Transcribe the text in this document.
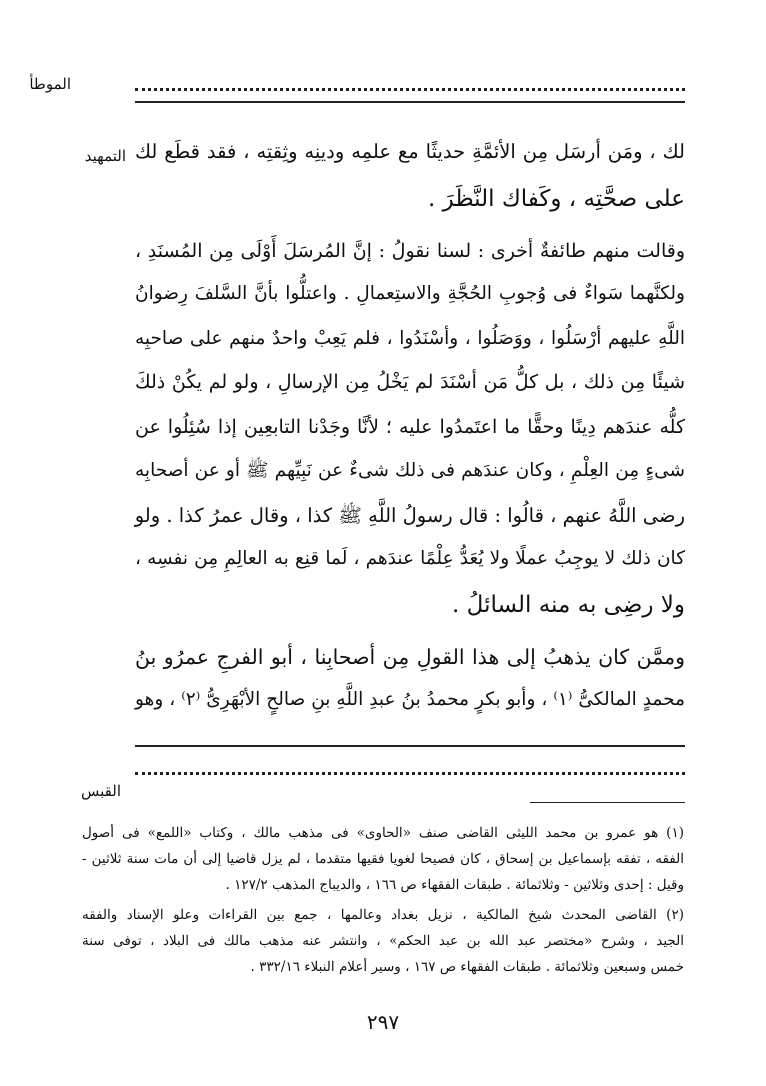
الموطأ
التمهيد لك ، ومَن أرسَل مِن الأئمَّةِ حديثًا مع علمِه ودينِه وثِقتِه ، فقد قطَع لك
على صحَّتِه ، وكَفاك النَّظَرَ .
وقالت منهم طائفةٌ أخرى : لسنا نقولُ : إنَّ المُرسَلَ أَوْلَى مِن المُسنَدِ ،
ولكنَّهما سَواءٌ فى وُجوبِ الحُجَّةِ والاستِعمالِ . واعتلُّوا بأنَّ السَّلفَ رِضوانُ
اللَّهِ عليهم أرْسَلُوا ، ووَصَلُوا ، وأسْنَدُوا ، فلم يَعِبْ واحدٌ منهم على صاحبِه
شيئًا مِن ذلك ، بل كلُّ مَن أسْنَدَ لم يَخْلُ مِن الإرسالِ ، ولو لم يكُنْ ذلكَ
كلُّه عندَهم دِينًا وحقًّا ما اعتَمدُوا عليه ؛ لأنَّا وجَدْنا التابعِين إذا سُئِلُوا عن
شىءٍ مِن العِلْمِ ، وكان عندَهم فى ذلك شىءٌ عن نَبِيِّهم ﷺ أو عن أصحابِه
رضى اللَّهُ عنهم ، قالُوا : قال رسولُ اللَّهِ ﷺ كذا ، وقال عمرُ كذا . ولو
كان ذلك لا يوجِبُ عملًا ولا يُعَدُّ عِلْمًا عندَهم ، لَما قنِع به العالِمِ مِن نفسِه ،
ولا رضِى به منه السائلُ .
وممَّن كان يذهبُ إلى هذا القولِ مِن أصحابِنا ، أبو الفرجِ عمرُو بنُ
محمدٍ المالكىُّ ⁽١⁾ ، وأبو بكرٍ محمدُ بنُ عبدِ اللَّهِ بنِ صالحٍ الأبْهَرِىُّ ⁽٢⁾ ، وهو
القبس
(١) هو عمرو بن محمد الليثى القاضى صنف «الحاوى» فى مذهب مالك ، وكتاب «اللمع» فى أصول
الفقه ، تفقه بإسماعيل بن إسحاق ، كان فصيحا لغويا فقيها متقدما ، لم يزل قاضيا إلى أن مات سنة ثلاثين -
وقيل : إحدى وثلاثين - وثلاثمائة . طبقات الفقهاء ص ١٦٦ ، والديباج المذهب ١٢٧/٢ .
(٢) القاضى المحدث شيخ المالكية ، نزيل بغداد وعالمها ، جمع بين القراءات وعلو الإسناد والفقه
الجيد ، وشرح «مختصر عبد الله بن عبد الحكم» ، وانتشر عنه مذهب مالك فى البلاد ، توفى سنة
خمس وسبعين وثلاثمائة . طبقات الفقهاء ص ١٦٧ ، وسير أعلام النبلاء ٣٣٢/١٦ .
٢٩٧
